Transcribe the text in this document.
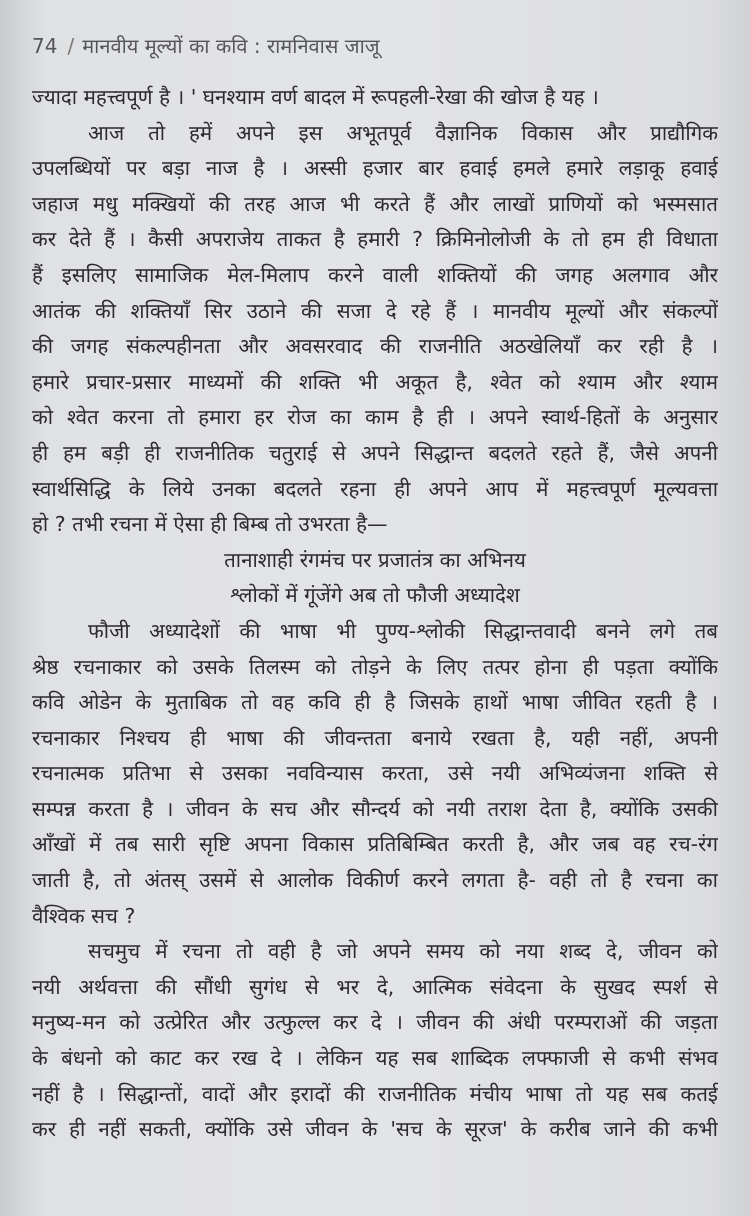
74 / मानवीय मूल्यों का कवि : रामनिवास जाजू
ज्यादा महत्त्वपूर्ण है । ' घनश्याम वर्ण बादल में रूपहली-रेखा की खोज है यह ।
आज तो हमें अपने इस अभूतपूर्व वैज्ञानिक विकास और प्राद्यौगिक
उपलब्धियों पर बड़ा नाज है । अस्सी हजार बार हवाई हमले हमारे लड़ाकू हवाई
जहाज मधु मक्खियों की तरह आज भी करते हैं और लाखों प्राणियों को भस्मसात
कर देते हैं । कैसी अपराजेय ताकत है हमारी ? क्रिमिनोलोजी के तो हम ही विधाता
हैं इसलिए सामाजिक मेल-मिलाप करने वाली शक्तियों की जगह अलगाव और
आतंक की शक्तियाँ सिर उठाने की सजा दे रहे हैं । मानवीय मूल्यों और संकल्पों
की जगह संकल्पहीनता और अवसरवाद की राजनीति अठखेलियाँ कर रही है ।
हमारे प्रचार-प्रसार माध्यमों की शक्ति भी अकूत है, श्वेत को श्याम और श्याम
को श्वेत करना तो हमारा हर रोज का काम है ही । अपने स्वार्थ-हितों के अनुसार
ही हम बड़ी ही राजनीतिक चतुराई से अपने सिद्धान्त बदलते रहते हैं, जैसे अपनी
स्वार्थसिद्धि के लिये उनका बदलते रहना ही अपने आप में महत्त्वपूर्ण मूल्यवत्ता
हो ? तभी रचना में ऐसा ही बिम्ब तो उभरता है—
तानाशाही रंगमंच पर प्रजातंत्र का अभिनय
श्लोकों में गूंजेंगे अब तो फौजी अध्यादेश
फौजी अध्यादेशों की भाषा भी पुण्य-श्लोकी सिद्धान्तवादी बनने लगे तब
श्रेष्ठ रचनाकार को उसके तिलस्म को तोड़ने के लिए तत्पर होना ही पड़ता क्योंकि
कवि ओडेन के मुताबिक तो वह कवि ही है जिसके हाथों भाषा जीवित रहती है ।
रचनाकार निश्चय ही भाषा की जीवन्तता बनाये रखता है, यही नहीं, अपनी
रचनात्मक प्रतिभा से उसका नवविन्यास करता, उसे नयी अभिव्यंजना शक्ति से
सम्पन्न करता है । जीवन के सच और सौन्दर्य को नयी तराश देता है, क्योंकि उसकी
आँखों में तब सारी सृष्टि अपना विकास प्रतिबिम्बित करती है, और जब वह रच-रंग
जाती है, तो अंतस् उसमें से आलोक विकीर्ण करने लगता है- वही तो है रचना का
वैश्विक सच ?
सचमुच में रचना तो वही है जो अपने समय को नया शब्द दे, जीवन को
नयी अर्थवत्ता की सौंधी सुगंध से भर दे, आत्मिक संवेदना के सुखद स्पर्श से
मनुष्य-मन को उत्प्रेरित और उत्फुल्ल कर दे । जीवन की अंधी परम्पराओं की जड़ता
के बंधनो को काट कर रख दे । लेकिन यह सब शाब्दिक लफ्फाजी से कभी संभव
नहीं है । सिद्धान्तों, वादों और इरादों की राजनीतिक मंचीय भाषा तो यह सब कतई
कर ही नहीं सकती, क्योंकि उसे जीवन के 'सच के सूरज' के करीब जाने की कभी
